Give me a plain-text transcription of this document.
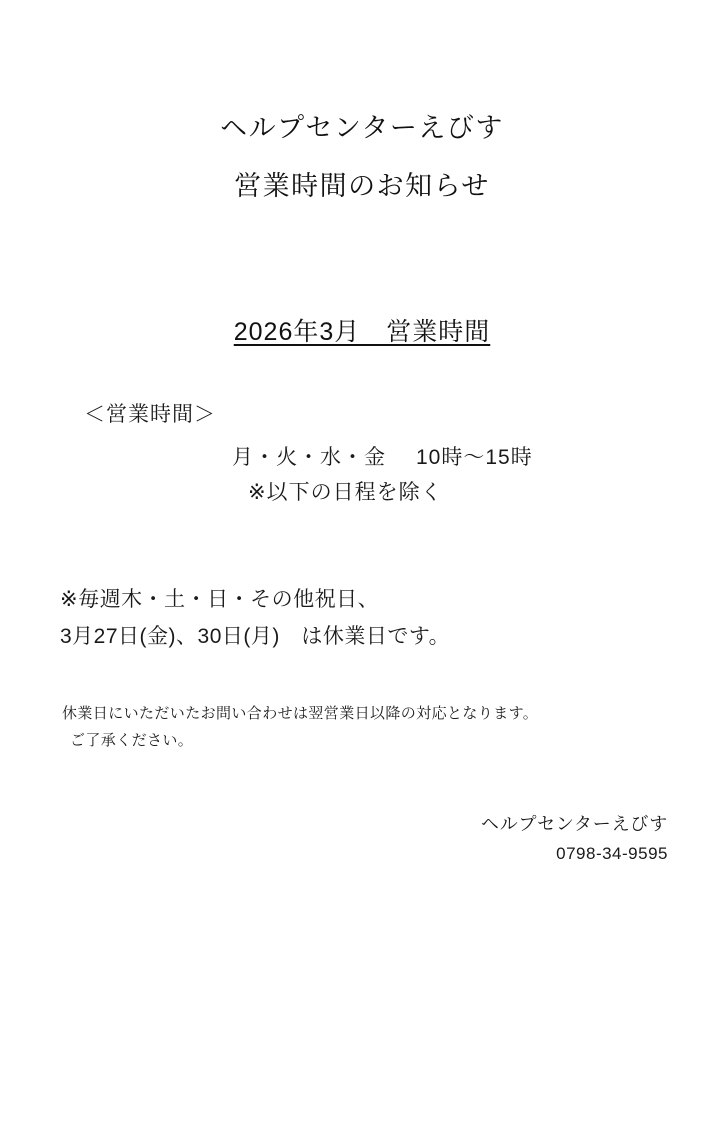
ヘルプセンターえびす
営業時間のお知らせ
2026年3月　営業時間
＜営業時間＞
月・火・水・金 10時～15時
※以下の日程を除く
※毎週木・土・日・その他祝日、
3月27日(金)、30日(月)　は休業日です。
休業日にいただいたお問い合わせは翌営業日以降の対応となります。
ご了承ください。
ヘルプセンターえびす
0798-34-9595
